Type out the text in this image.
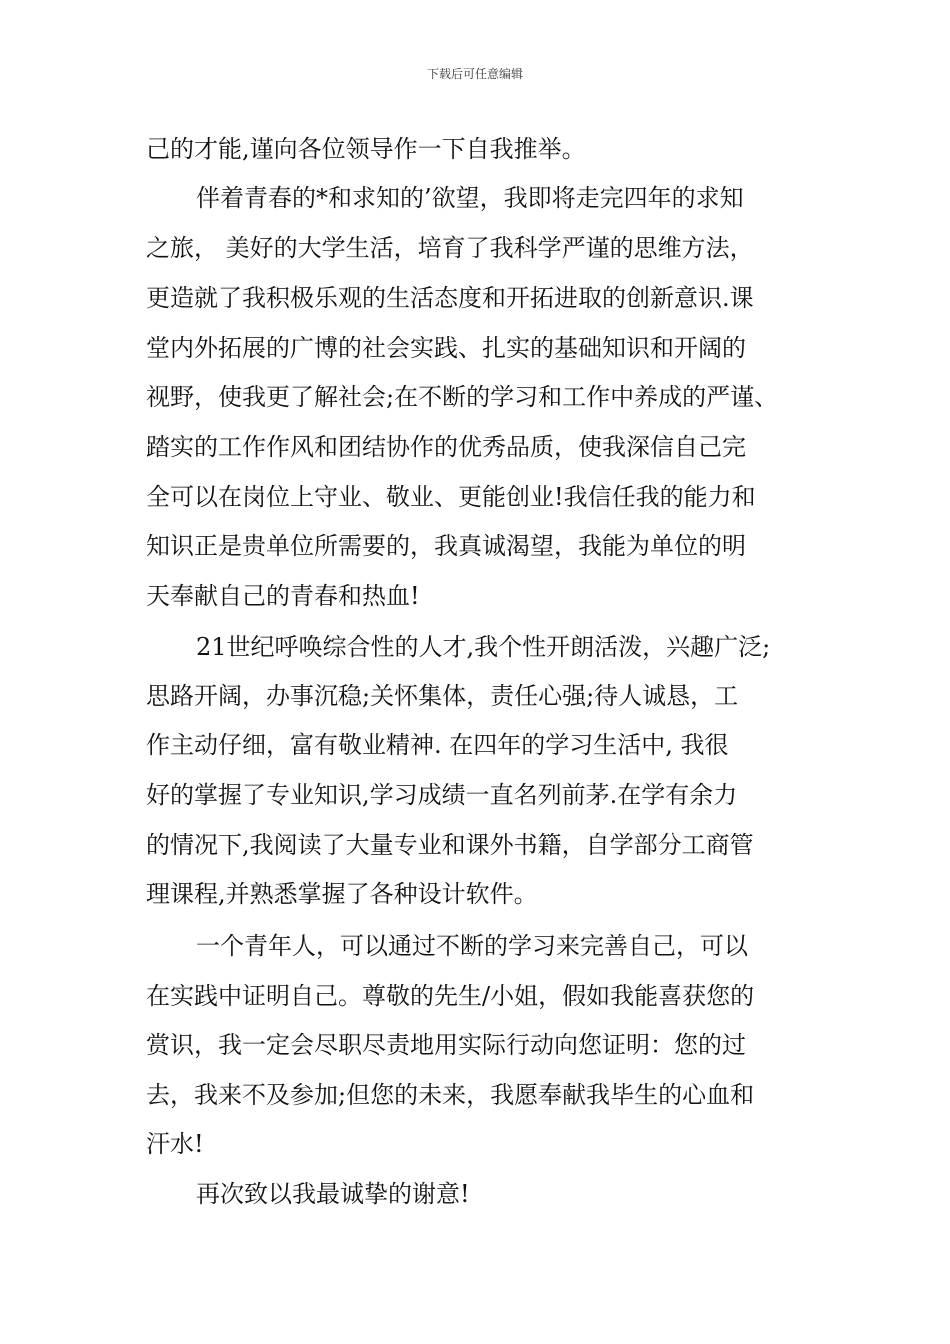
下载后可任意编辑
己的才能,谨向各位领导作一下自我推举。
伴着青春的*和求知的’欲望，我即将走完四年的求知
之旅， 美好的大学生活，培育了我科学严谨的思维方法，
更造就了我积极乐观的生活态度和开拓进取的创新意识.课
堂内外拓展的广博的社会实践、扎实的基础知识和开阔的
视野，使我更了解社会;在不断的学习和工作中养成的严谨、
踏实的工作作风和团结协作的优秀品质，使我深信自己完
全可以在岗位上守业、敬业、更能创业!我信任我的能力和
知识正是贵单位所需要的，我真诚渴望，我能为单位的明
天奉献自己的青春和热血!
21世纪呼唤综合性的人才,我个性开朗活泼，兴趣广泛;
思路开阔，办事沉稳;关怀集体，责任心强;待人诚恳，工
作主动仔细，富有敬业精神. 在四年的学习生活中, 我很
好的掌握了专业知识,学习成绩一直名列前茅.在学有余力
的情况下,我阅读了大量专业和课外书籍，自学部分工商管
理课程,并熟悉掌握了各种设计软件。
一个青年人，可以通过不断的学习来完善自己，可以
在实践中证明自己。尊敬的先生/小姐，假如我能喜获您的
赏识，我一定会尽职尽责地用实际行动向您证明：您的过
去，我来不及参加;但您的未来，我愿奉献我毕生的心血和
汗水!
再次致以我最诚挚的谢意!
